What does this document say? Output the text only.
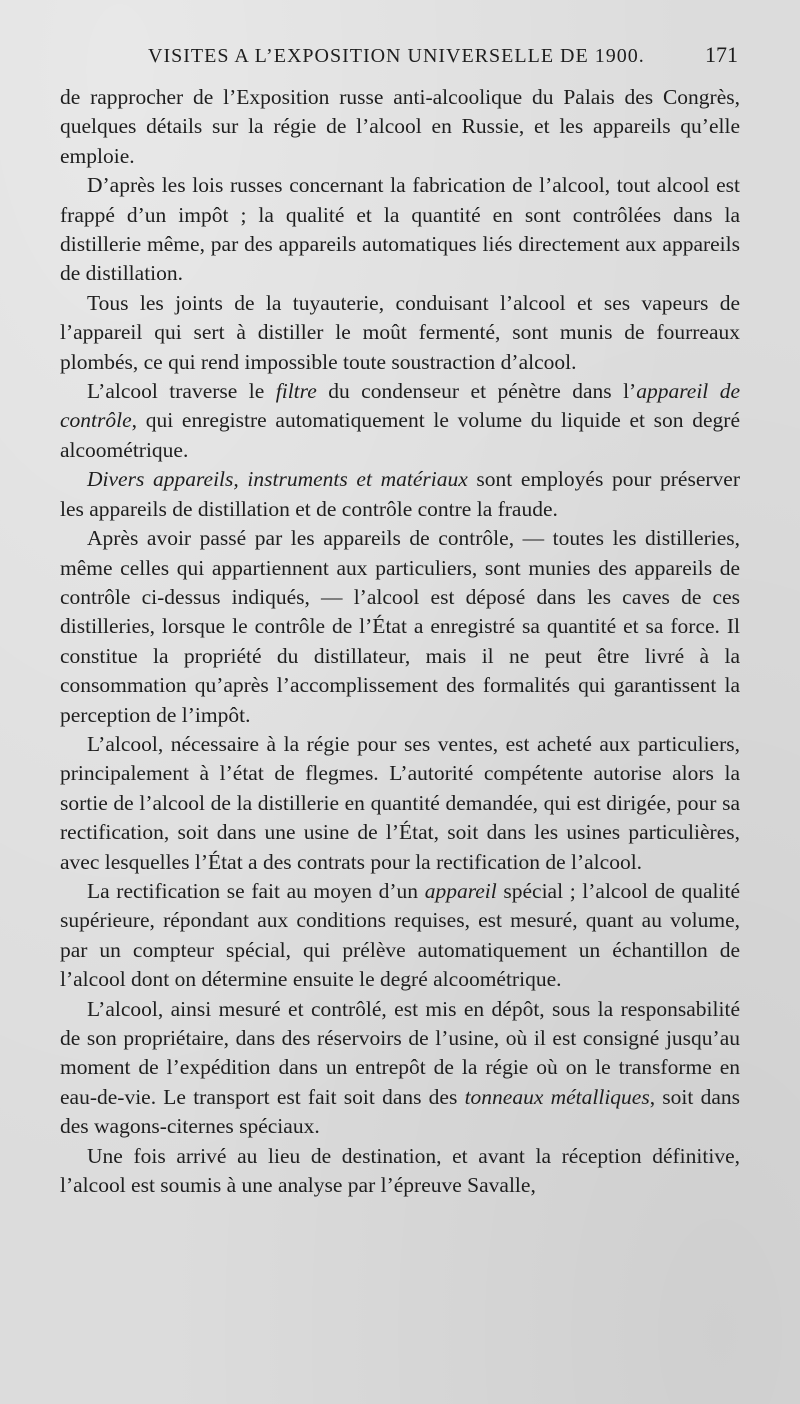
VISITES A L’EXPOSITION UNIVERSELLE DE 1900.	171

de rapprocher de l’Exposition russe anti-alcoolique du Palais des Congrès, quelques détails sur la régie de l’alcool en Russie, et les appareils qu’elle emploie.

D’après les lois russes concernant la fabrication de l’alcool, tout alcool est frappé d’un impôt ; la qualité et la quantité en sont contrôlées dans la distillerie même, par des appareils automatiques liés directement aux appareils de distillation.

Tous les joints de la tuyauterie, conduisant l’alcool et ses vapeurs de l’appareil qui sert à distiller le moût fermenté, sont munis de fourreaux plombés, ce qui rend impossible toute soustraction d’alcool.

L’alcool traverse le filtre du condenseur et pénètre dans l’appareil de contrôle, qui enregistre automatiquement le volume du liquide et son degré alcoométrique.

Divers appareils, instruments et matériaux sont employés pour préserver les appareils de distillation et de contrôle contre la fraude.

Après avoir passé par les appareils de contrôle, — toutes les distilleries, même celles qui appartiennent aux particuliers, sont munies des appareils de contrôle ci-dessus indiqués, — l’alcool est déposé dans les caves de ces distilleries, lorsque le contrôle de l’État a enregistré sa quantité et sa force. Il constitue la propriété du distillateur, mais il ne peut être livré à la consommation qu’après l’accomplissement des formalités qui garantissent la perception de l’impôt.

L’alcool, nécessaire à la régie pour ses ventes, est acheté aux particuliers, principalement à l’état de flegmes. L’autorité compétente autorise alors la sortie de l’alcool de la distillerie en quantité demandée, qui est dirigée, pour sa rectification, soit dans une usine de l’État, soit dans les usines particulières, avec lesquelles l’État a des contrats pour la rectification de l’alcool.

La rectification se fait au moyen d’un appareil spécial ; l’alcool de qualité supérieure, répondant aux conditions requises, est mesuré, quant au volume, par un compteur spécial, qui prélève automatiquement un échantillon de l’alcool dont on détermine ensuite le degré alcoométrique.

L’alcool, ainsi mesuré et contrôlé, est mis en dépôt, sous la responsabilité de son propriétaire, dans des réservoirs de l’usine, où il est consigné jusqu’au moment de l’expédition dans un entrepôt de la régie où on le transforme en eau-de-vie. Le transport est fait soit dans des tonneaux métalliques, soit dans des wagons-citernes spéciaux.

Une fois arrivé au lieu de destination, et avant la réception définitive, l’alcool est soumis à une analyse par l’épreuve Savalle,
